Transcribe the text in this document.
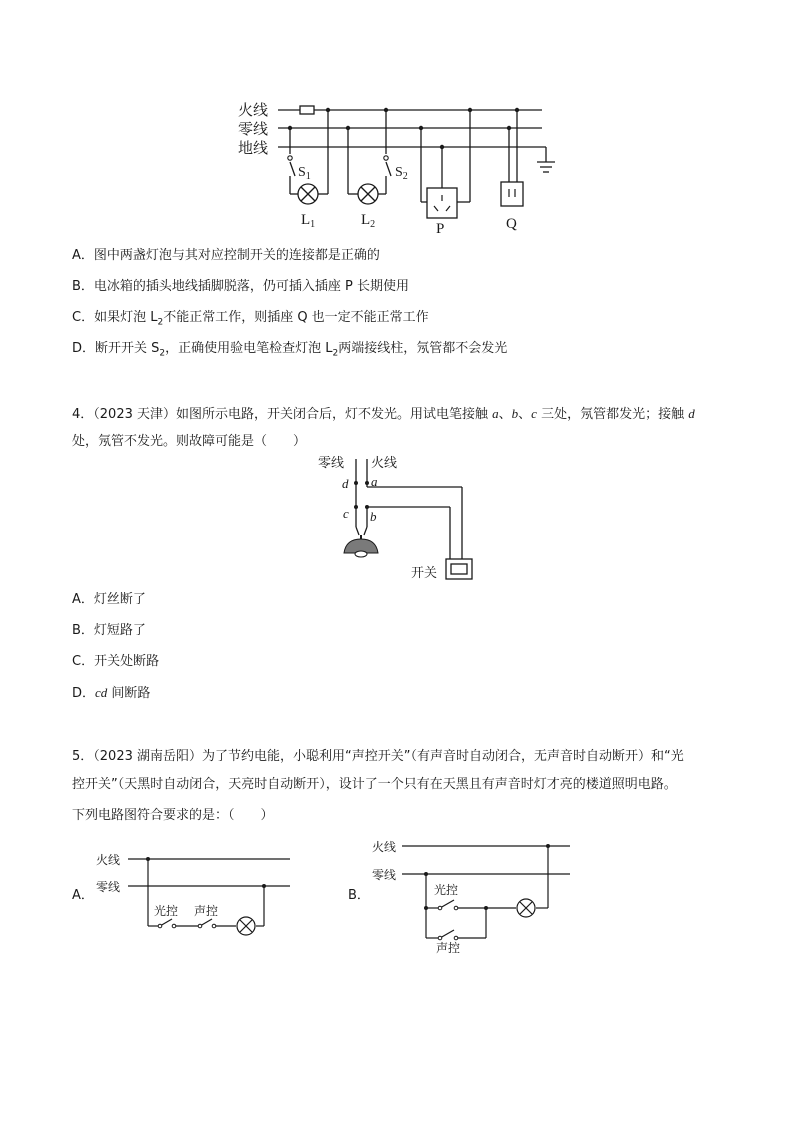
火线
零线
地线
$S_1$	$S_2$
$L_1$	$L_2$	P	Q
A．图中两盏灯泡与其对应控制开关的连接都是正确的
B．电冰箱的插头地线插脚脱落，仍可插入插座 P 长期使用
C．如果灯泡 $L_2$不能正常工作，则插座 Q 也一定不能正常工作
D．断开开关 $S_2$，正确使用验电笔检查灯泡 $L_2$两端接线柱，氖管都不会发光
4．（2023 天津）如图所示电路，开关闭合后，灯不发光。用试电笔接触 a、b、c 三处，氖管都发光；接触 d
处，氖管不发光。则故障可能是（　　）
零线 火线
d a
c b
开关
A．灯丝断了
B．灯短路了
C．开关处断路
D．cd 间断路
5．（2023 湖南岳阳）为了节约电能，小聪利用“声控开关”（有声音时自动闭合，无声音时自动断开）和“光
控开关”（天黑时自动闭合，天亮时自动断开），设计了一个只有在天黑且有声音时灯才亮的楼道照明电路。
下列电路图符合要求的是：（　　）
A．
火线
零线
光控 声控
B．
火线
零线
光控
声控
